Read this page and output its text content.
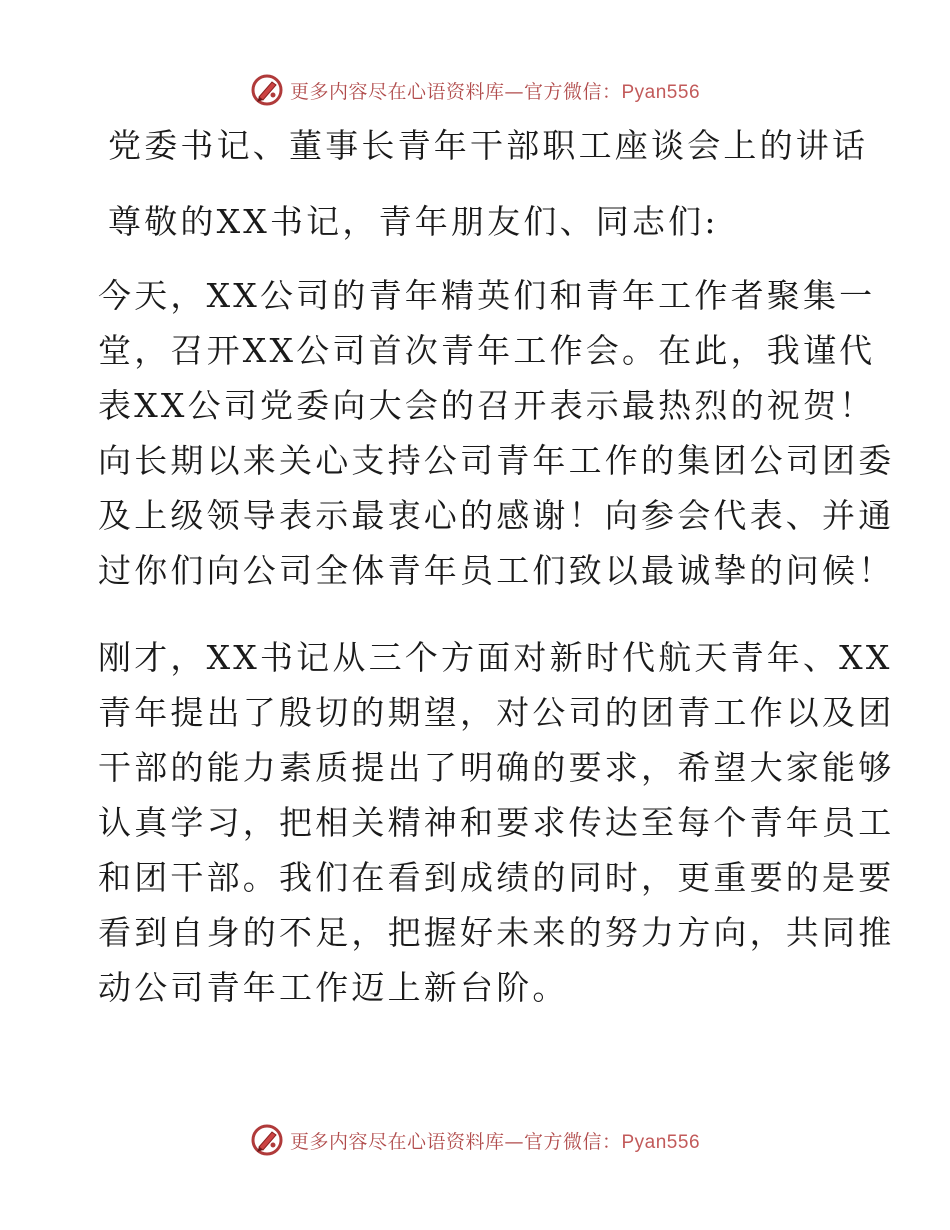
更多内容尽在心语资料库—官方微信：Pyan556
党委书记、董事长青年干部职工座谈会上的讲话
尊敬的XX书记，青年朋友们、同志们:
今天，XX公司的青年精英们和青年工作者聚集一
堂，召开XX公司首次青年工作会。在此，我谨代
表XX公司党委向大会的召开表示最热烈的祝贺！
向长期以来关心支持公司青年工作的集团公司团委
及上级领导表示最衷心的感谢！向参会代表、并通
过你们向公司全体青年员工们致以最诚挚的问候！
刚才，XX书记从三个方面对新时代航天青年、XX
青年提出了殷切的期望，对公司的团青工作以及团
干部的能力素质提出了明确的要求，希望大家能够
认真学习，把相关精神和要求传达至每个青年员工
和团干部。我们在看到成绩的同时，更重要的是要
看到自身的不足，把握好未来的努力方向，共同推
动公司青年工作迈上新台阶。
更多内容尽在心语资料库—官方微信：Pyan556
